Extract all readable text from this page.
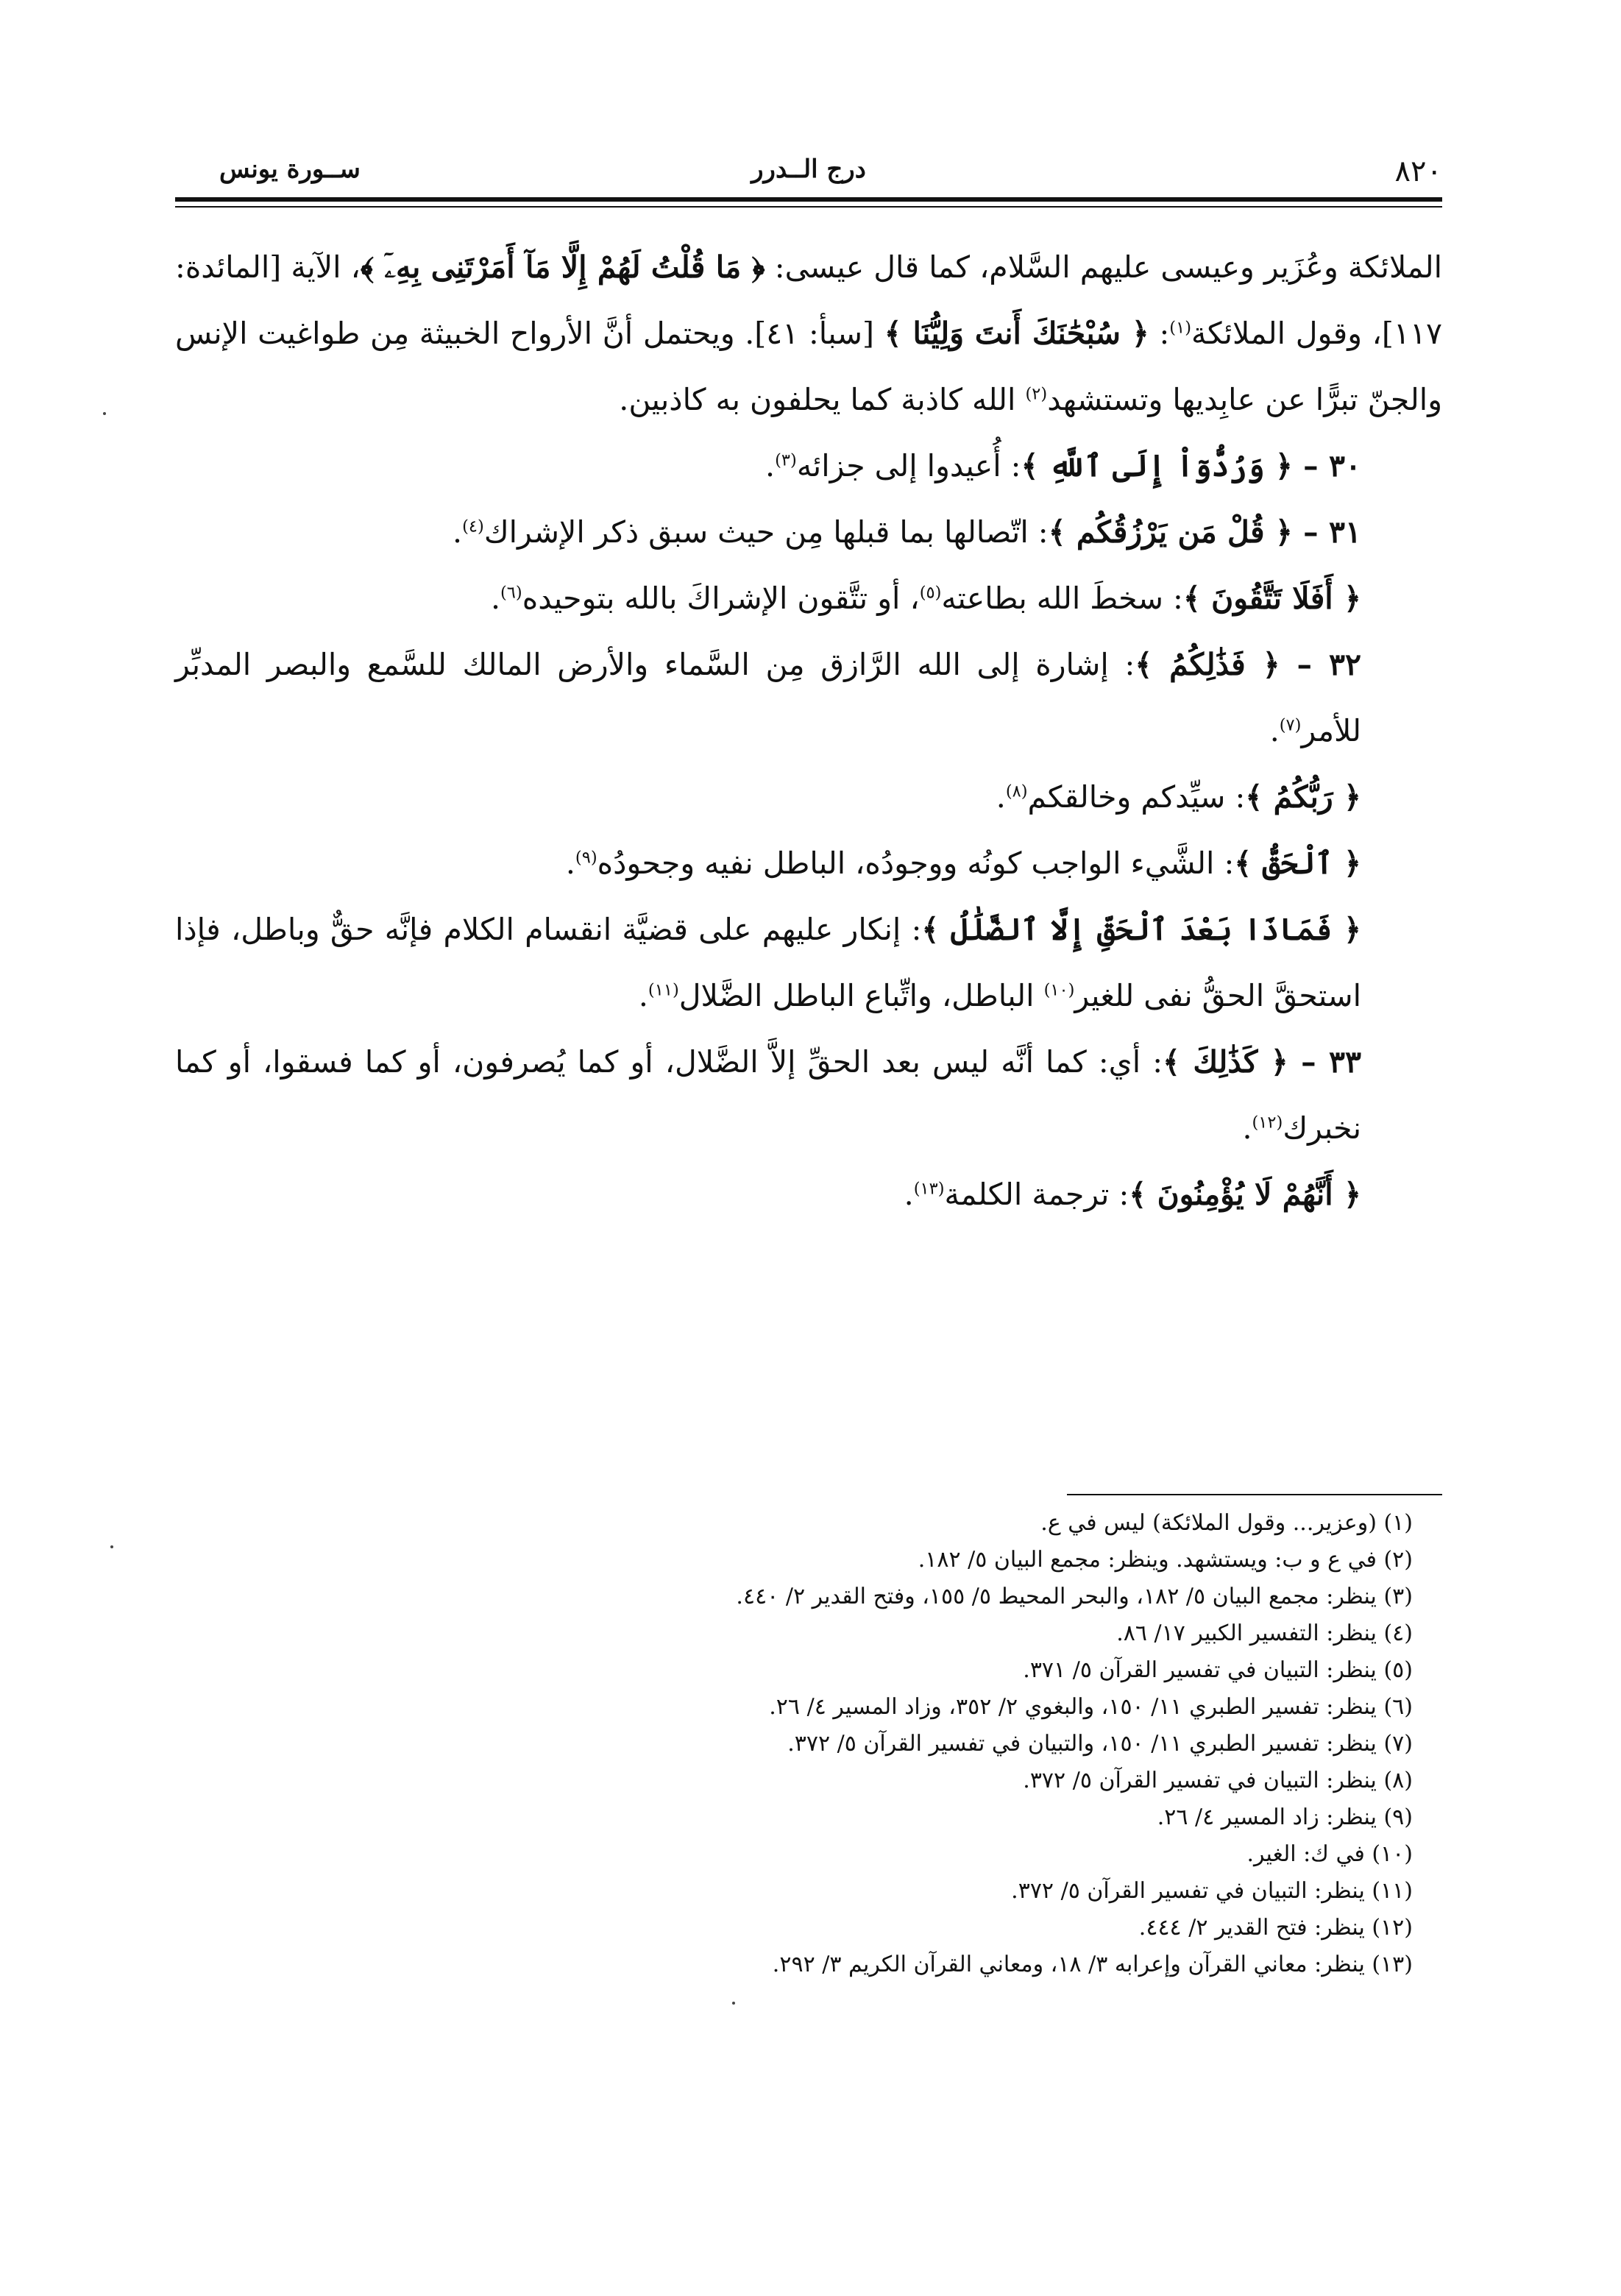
٨٢٠
درج الــدرر
ســورة يونس

الملائكة وعُزَير وعيسى عليهم السَّلام، كما قال عيسى: ﴿ مَا قُلْتُ لَهُمْ إِلَّا مَآ أَمَرْتَنِى بِهِۦٓ ﴾، الآية [المائدة: ١١٧]، وقول الملائكة$^{(١)}$: ﴿ سُبْحَٰنَكَ أَنتَ وَلِيُّنَا ﴾ [سبأ: ٤١]. ويحتمل أنَّ الأرواح الخبيثة مِن طواغيت الإنس والجنّ تبرًّا عن عابِديها وتستشهد$^{(٢)}$ الله كاذبة كما يحلفون به كاذبين.

٣٠ – ﴿ وَرُدُّوٓاْ إِلَى ٱللَّهِ ﴾: أُعيدوا إلى جزائه$^{(٣)}$.

٣١ – ﴿ قُلْ مَن يَرْزُقُكُم ﴾: اتّصالها بما قبلها مِن حيث سبق ذكر الإشراك$^{(٤)}$.

﴿ أَفَلَا تَتَّقُونَ ﴾: سخطَ الله بطاعته$^{(٥)}$، أو تتَّقون الإشراكَ بالله بتوحيده$^{(٦)}$.

٣٢ – ﴿ فَذَٰلِكُمُ ﴾: إشارة إلى الله الرَّازق مِن السَّماء والأرض المالك للسَّمع والبصر المدبِّر للأمر$^{(٧)}$.

﴿ رَبُّكُمُ ﴾: سيِّدكم وخالقكم$^{(٨)}$.

﴿ ٱلْحَقُّ ﴾: الشَّيء الواجب كونُه ووجودُه، الباطل نفيه وجحودُه$^{(٩)}$.

﴿ فَمَاذَا بَعْدَ ٱلْحَقِّ إِلَّا ٱلضَّلَٰلُ ﴾: إنكار عليهم على قضيَّة انقسام الكلام فإنَّه حقٌّ وباطل، فإذا استحقَّ الحقُّ نفى للغير$^{(١٠)}$ الباطل، واتِّباع الباطل الضَّلال$^{(١١)}$.

٣٣ – ﴿ كَذَٰلِكَ ﴾: أي: كما أنَّه ليس بعد الحقِّ إلاَّ الضَّلال، أو كما يُصرفون، أو كما فسقوا، أو كما نخبرك$^{(١٢)}$.

﴿ أَنَّهُمْ لَا يُؤْمِنُونَ ﴾: ترجمة الكلمة$^{(١٣)}$.

(١) (وعزير... وقول الملائكة) ليس في ع.

(٢) في ع و ب: ويستشهد. وينظر: مجمع البيان ٥/ ١٨٢.

(٣) ينظر: مجمع البيان ٥/ ١٨٢، والبحر المحيط ٥/ ١٥٥، وفتح القدير ٢/ ٤٤٠.

(٤) ينظر: التفسير الكبير ١٧/ ٨٦.

(٥) ينظر: التبيان في تفسير القرآن ٥/ ٣٧١.

(٦) ينظر: تفسير الطبري ١١/ ١٥٠، والبغوي ٢/ ٣٥٢، وزاد المسير ٤/ ٢٦.

(٧) ينظر: تفسير الطبري ١١/ ١٥٠، والتبيان في تفسير القرآن ٥/ ٣٧٢.

(٨) ينظر: التبيان في تفسير القرآن ٥/ ٣٧٢.

(٩) ينظر: زاد المسير ٤/ ٢٦.

(١٠) في ك: الغير.

(١١) ينظر: التبيان في تفسير القرآن ٥/ ٣٧٢.

(١٢) ينظر: فتح القدير ٢/ ٤٤٤.

(١٣) ينظر: معاني القرآن وإعرابه ٣/ ١٨، ومعاني القرآن الكريم ٣/ ٢٩٢.
